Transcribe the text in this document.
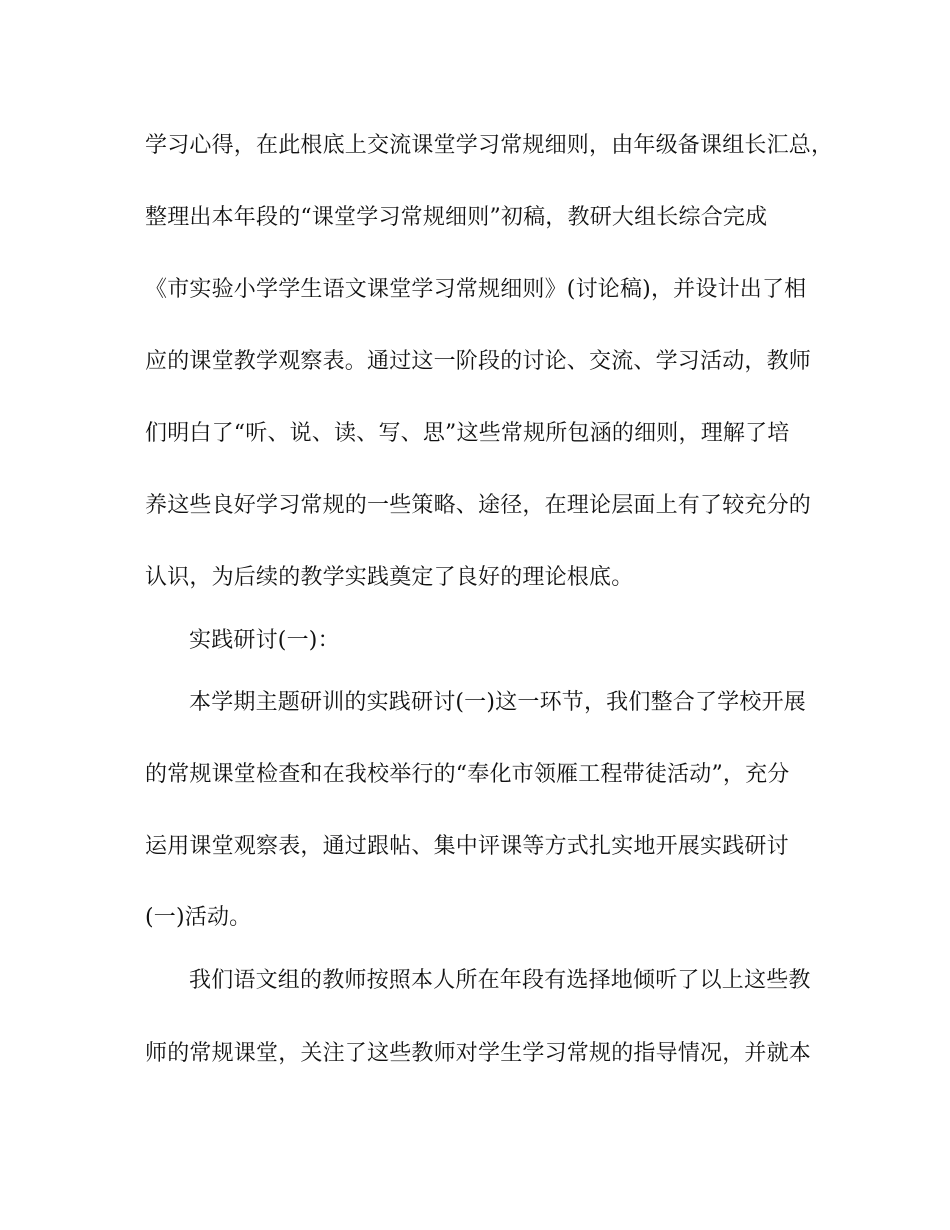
学习心得，在此根底上交流课堂学习常规细则，由年级备课组长汇总，
整理出本年段的“课堂学习常规细则”初稿，教研大组长综合完成
《市实验小学学生语文课堂学习常规细则》(讨论稿)，并设计出了相
应的课堂教学观察表。通过这一阶段的讨论、交流、学习活动，教师
们明白了“听、说、读、写、思”这些常规所包涵的细则，理解了培
养这些良好学习常规的一些策略、途径，在理论层面上有了较充分的
认识，为后续的教学实践奠定了良好的理论根底。
实践研讨(一)：
本学期主题研训的实践研讨(一)这一环节，我们整合了学校开展
的常规课堂检查和在我校举行的“奉化市领雁工程带徒活动”，充分
运用课堂观察表，通过跟帖、集中评课等方式扎实地开展实践研讨
(一)活动。
我们语文组的教师按照本人所在年段有选择地倾听了以上这些教
师的常规课堂，关注了这些教师对学生学习常规的指导情况，并就本
